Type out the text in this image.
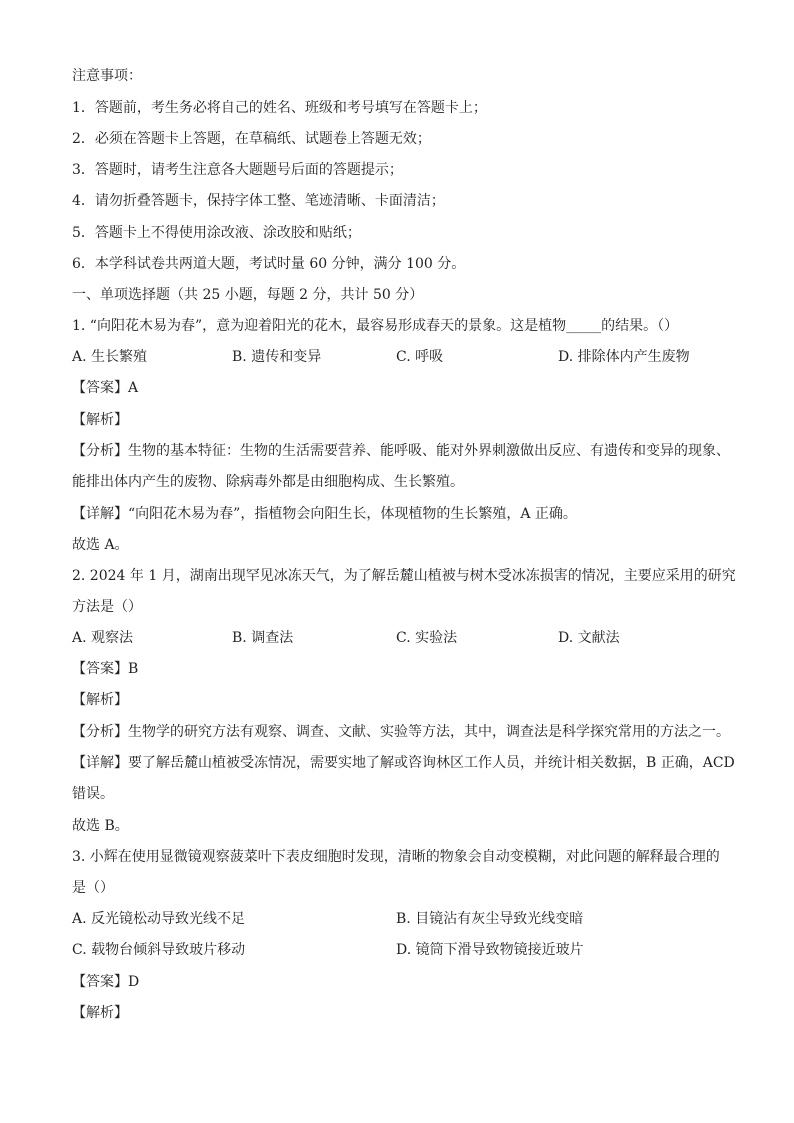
注意事项：
1．答题前，考生务必将自己的姓名、班级和考号填写在答题卡上；
2．必须在答题卡上答题，在草稿纸、试题卷上答题无效；
3．答题时，请考生注意各大题题号后面的答题提示；
4．请勿折叠答题卡，保持字体工整、笔迹清晰、卡面清洁；
5．答题卡上不得使用涂改液、涂改胶和贴纸；
6．本学科试卷共两道大题，考试时量 60 分钟，满分 100 分。
一、单项选择题（共 25 小题，每题 2 分，共计 50 分）
1. “向阳花木易为春”，意为迎着阳光的花木，最容易形成春天的景象。这是植物_____的结果。（）
A. 生长繁殖	B. 遗传和变异	C. 呼吸	D. 排除体内产生废物
【答案】A
【解析】
【分析】生物的基本特征：生物的生活需要营养、能呼吸、能对外界刺激做出反应、有遗传和变异的现象、
能排出体内产生的废物、除病毒外都是由细胞构成、生长繁殖。
【详解】“向阳花木易为春”，指植物会向阳生长，体现植物的生长繁殖，A 正确。
故选 A。
2. 2024 年 1 月，湖南出现罕见冰冻天气，为了解岳麓山植被与树木受冰冻损害的情况，主要应采用的研究
方法是（）
A. 观察法	B. 调查法	C. 实验法	D. 文献法
【答案】B
【解析】
【分析】生物学的研究方法有观察、调查、文献、实验等方法，其中，调查法是科学探究常用的方法之一。
【详解】要了解岳麓山植被受冻情况，需要实地了解或咨询林区工作人员，并统计相关数据，B 正确，ACD
错误。
故选 B。
3. 小辉在使用显微镜观察菠菜叶下表皮细胞时发现，清晰的物象会自动变模糊，对此问题的解释最合理的
是（）
A. 反光镜松动导致光线不足	B. 目镜沾有灰尘导致光线变暗
C. 载物台倾斜导致玻片移动	D. 镜筒下滑导致物镜接近玻片
【答案】D
【解析】
